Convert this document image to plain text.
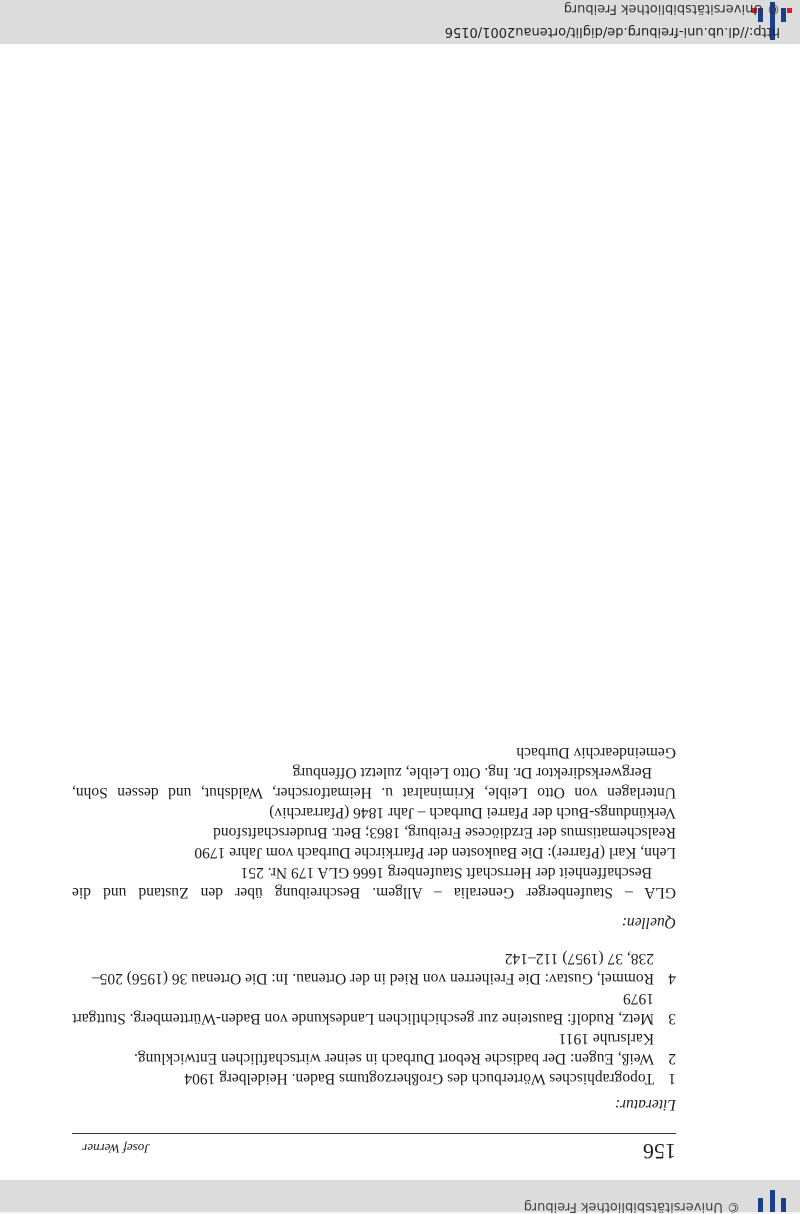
© Universitätsbibliothek Freiburg
http://dl.ub.uni-freiburg.de/diglit/ortenau2001/0156
156
Josef Werner
Literatur:
1
Topographisches Wörterbuch des Großherzogtums Baden. Heidelberg 1904
2
Weiß, Eugen: Der badische Rebort Durbach in seiner wirtschaftlichen Entwicklung. Karlsruhe 1911
3
Metz, Rudolf: Bausteine zur geschichtlichen Landeskunde von Baden-Württemberg. Stuttgart 1979
4
Rommel, Gustav: Die Freiherren von Ried in der Ortenau. In: Die Ortenau 36 (1956) 205–238, 37 (1957) 112–142
Quellen:
GLA – Staufenberger Generalia – Allgem. Beschreibung über den Zustand und die Beschaffenheit der Herrschaft Staufenberg 1666 GLA 179 Nr. 251
Lehn, Karl (Pfarrer): Die Baukosten der Pfarrkirche Durbach vom Jahre 1790
Realschematismus der Erzdiöcese Freiburg, 1863; Betr. Bruderschaftsfond
Verkündungs-Buch der Pfarrei Durbach – Jahr 1846 (Pfarrarchiv)
Unterlagen von Otto Leible, Kriminalrat u. Heimatforscher, Waldshut, und dessen Sohn, Bergwerksdirektor Dr. Ing. Otto Leible, zuletzt Offenburg
Gemeindearchiv Durbach
© Universitätsbibliothek Freiburg
